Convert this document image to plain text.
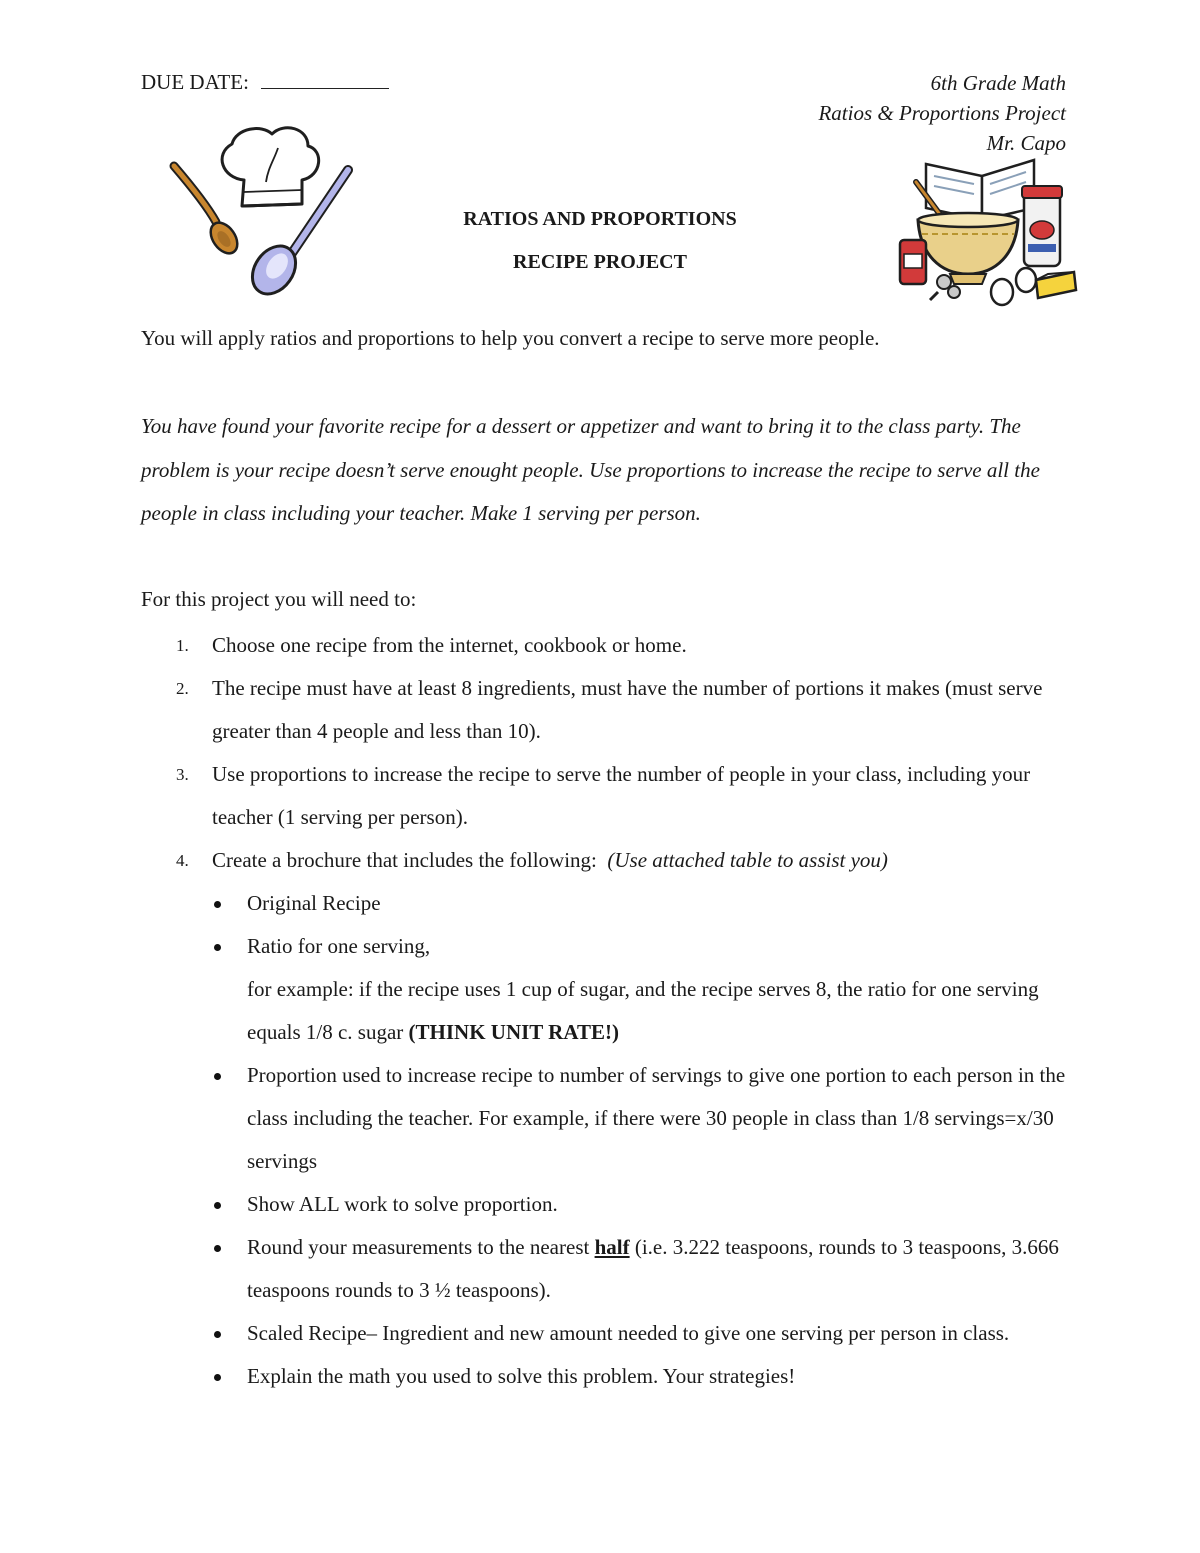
DUE DATE:	6th Grade Math
Ratios & Proportions Project
Mr. Capo
RATIOS AND PROPORTIONS
RECIPE PROJECT
You will apply ratios and proportions to help you convert a recipe to serve more people.
You have found your favorite recipe for a dessert or appetizer and want to bring it to the class party. The problem is your recipe doesn’t serve enought people. Use proportions to increase the recipe to serve all the people in class including your teacher. Make 1 serving per person.
For this project you will need to:
1. Choose one recipe from the internet, cookbook or home.
2. The recipe must have at least 8 ingredients, must have the number of portions it makes (must serve greater than 4 people and less than 10).
3. Use proportions to increase the recipe to serve the number of people in your class, including your teacher (1 serving per person).
4. Create a brochure that includes the following:  (Use attached table to assist you)
Original Recipe
Ratio for one serving,
for example: if the recipe uses 1 cup of sugar, and the recipe serves 8, the ratio for one serving equals 1/8 c. sugar (THINK UNIT RATE!)
Proportion used to increase recipe to number of servings to give one portion to each person in the class including the teacher. For example, if there were 30 people in class than 1/8 servings=x/30 servings
Show ALL work to solve proportion.
Round your measurements to the nearest half (i.e. 3.222 teaspoons, rounds to 3 teaspoons, 3.666 teaspoons rounds to 3 ½ teaspoons).
Scaled Recipe– Ingredient and new amount needed to give one serving per person in class.
Explain the math you used to solve this problem. Your strategies!
